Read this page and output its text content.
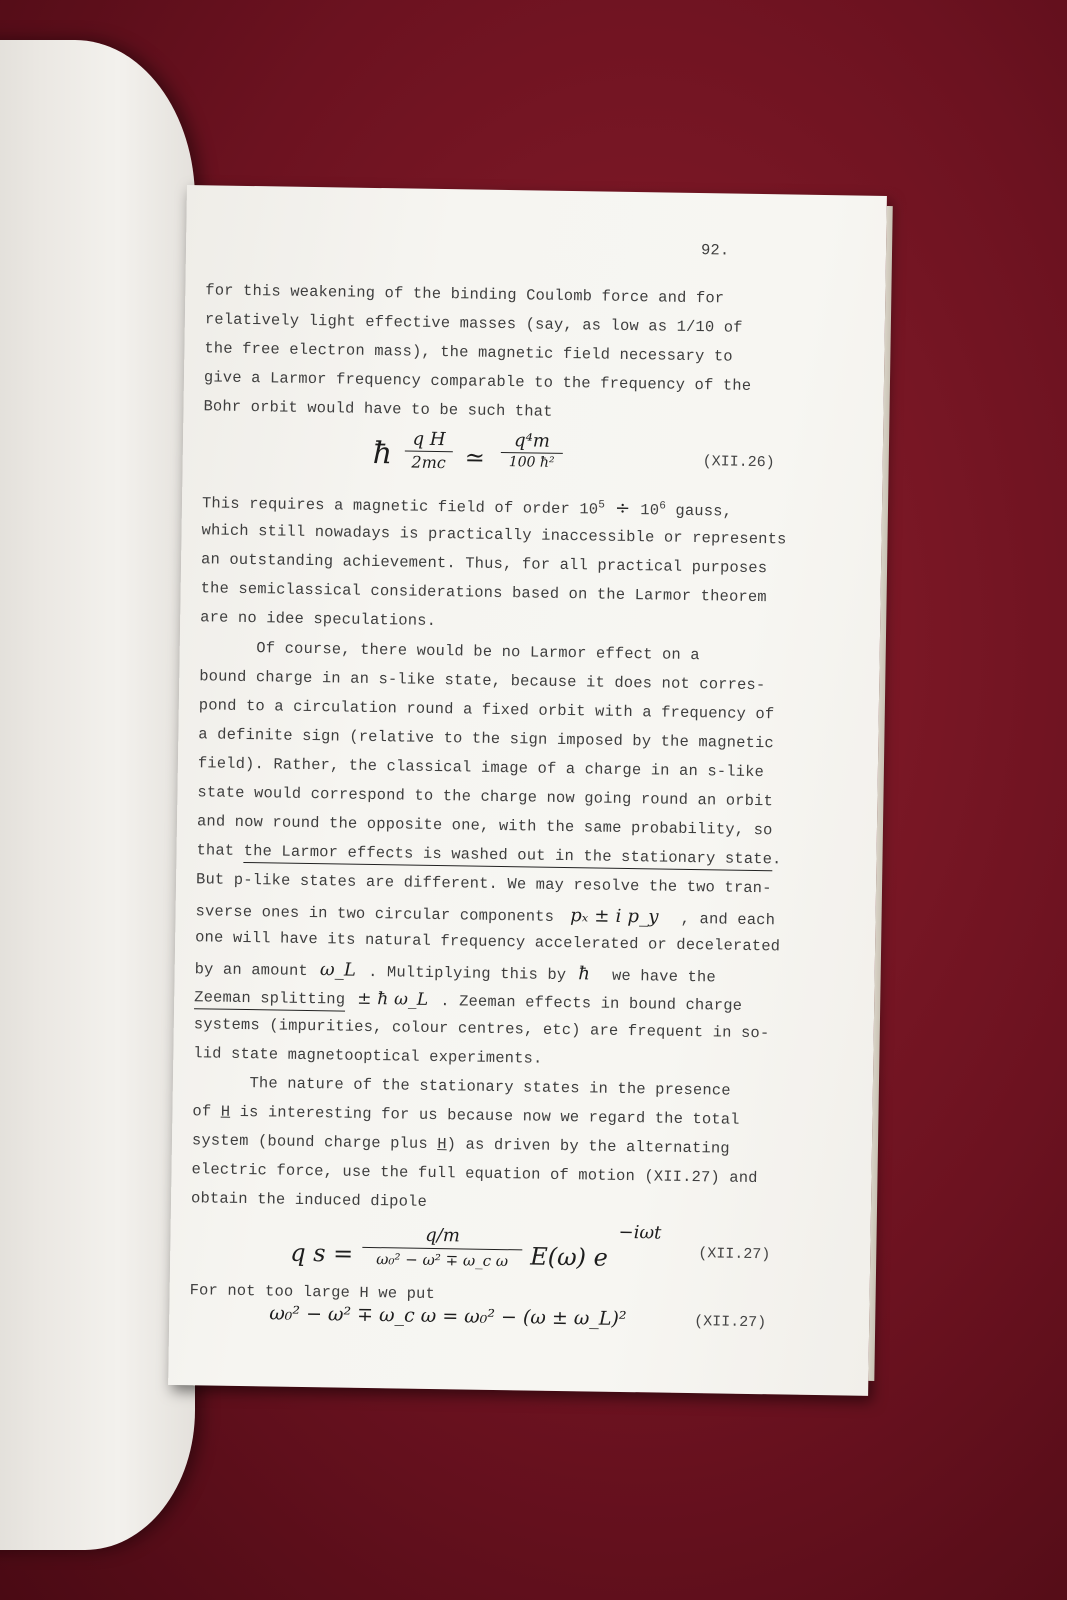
92.
for this weakening of the binding Coulomb force and for
relatively light effective masses (say, as low as 1/10 of
the free electron mass), the magnetic field necessary to
give a Larmor frequency comparable to the frequency of the
Bohr orbit would have to be such that
ħ	q H
2mc ≃
q⁴m
100 ħ²	(XII.26)
This requires a magnetic field of order $10^5 \div 10^6$ gauss,
which still nowadays is practically inaccessible or represents
an outstanding achievement. Thus, for all practical purposes
the semiclassical considerations based on the Larmor theorem
are no idee speculations.
Of course, there would be no Larmor effect on a
bound charge in an s-like state, because it does not corres-
pond to a circulation round a fixed orbit with a frequency of
a definite sign (relative to the sign imposed by the magnetic
field). Rather, the classical image of a charge in an s-like
state would correspond to the charge now going round an orbit
and now round the opposite one, with the same probability, so
that the Larmor effects is washed out in the stationary state.
But p-like states are different. We may resolve the two tran-
sverse ones in two circular components pₓ ± i p_y , and each
one will have its natural frequency accelerated or decelerated
by an amount ω_L . Multiplying this by ħ we have the
Zeeman splitting ± ħ ω_L . Zeeman effects in bound charge
systems (impurities, colour centres, etc) are frequent in so-
lid state magnetooptical experiments.
The nature of the stationary states in the presence
of H is interesting for us because now we regard the total
system (bound charge plus H) as driven by the alternating
electric force, use the full equation of motion (XII.27) and
obtain the induced dipole
q s =
q/m
ω₀² − ω² ∓ ω_c ω E(ω) e
−iωt
(XII.27)
For not too large H we put
ω₀² − ω² ∓ ω_c ω = ω₀² − (ω ± ω_L)²	(XII.27)
